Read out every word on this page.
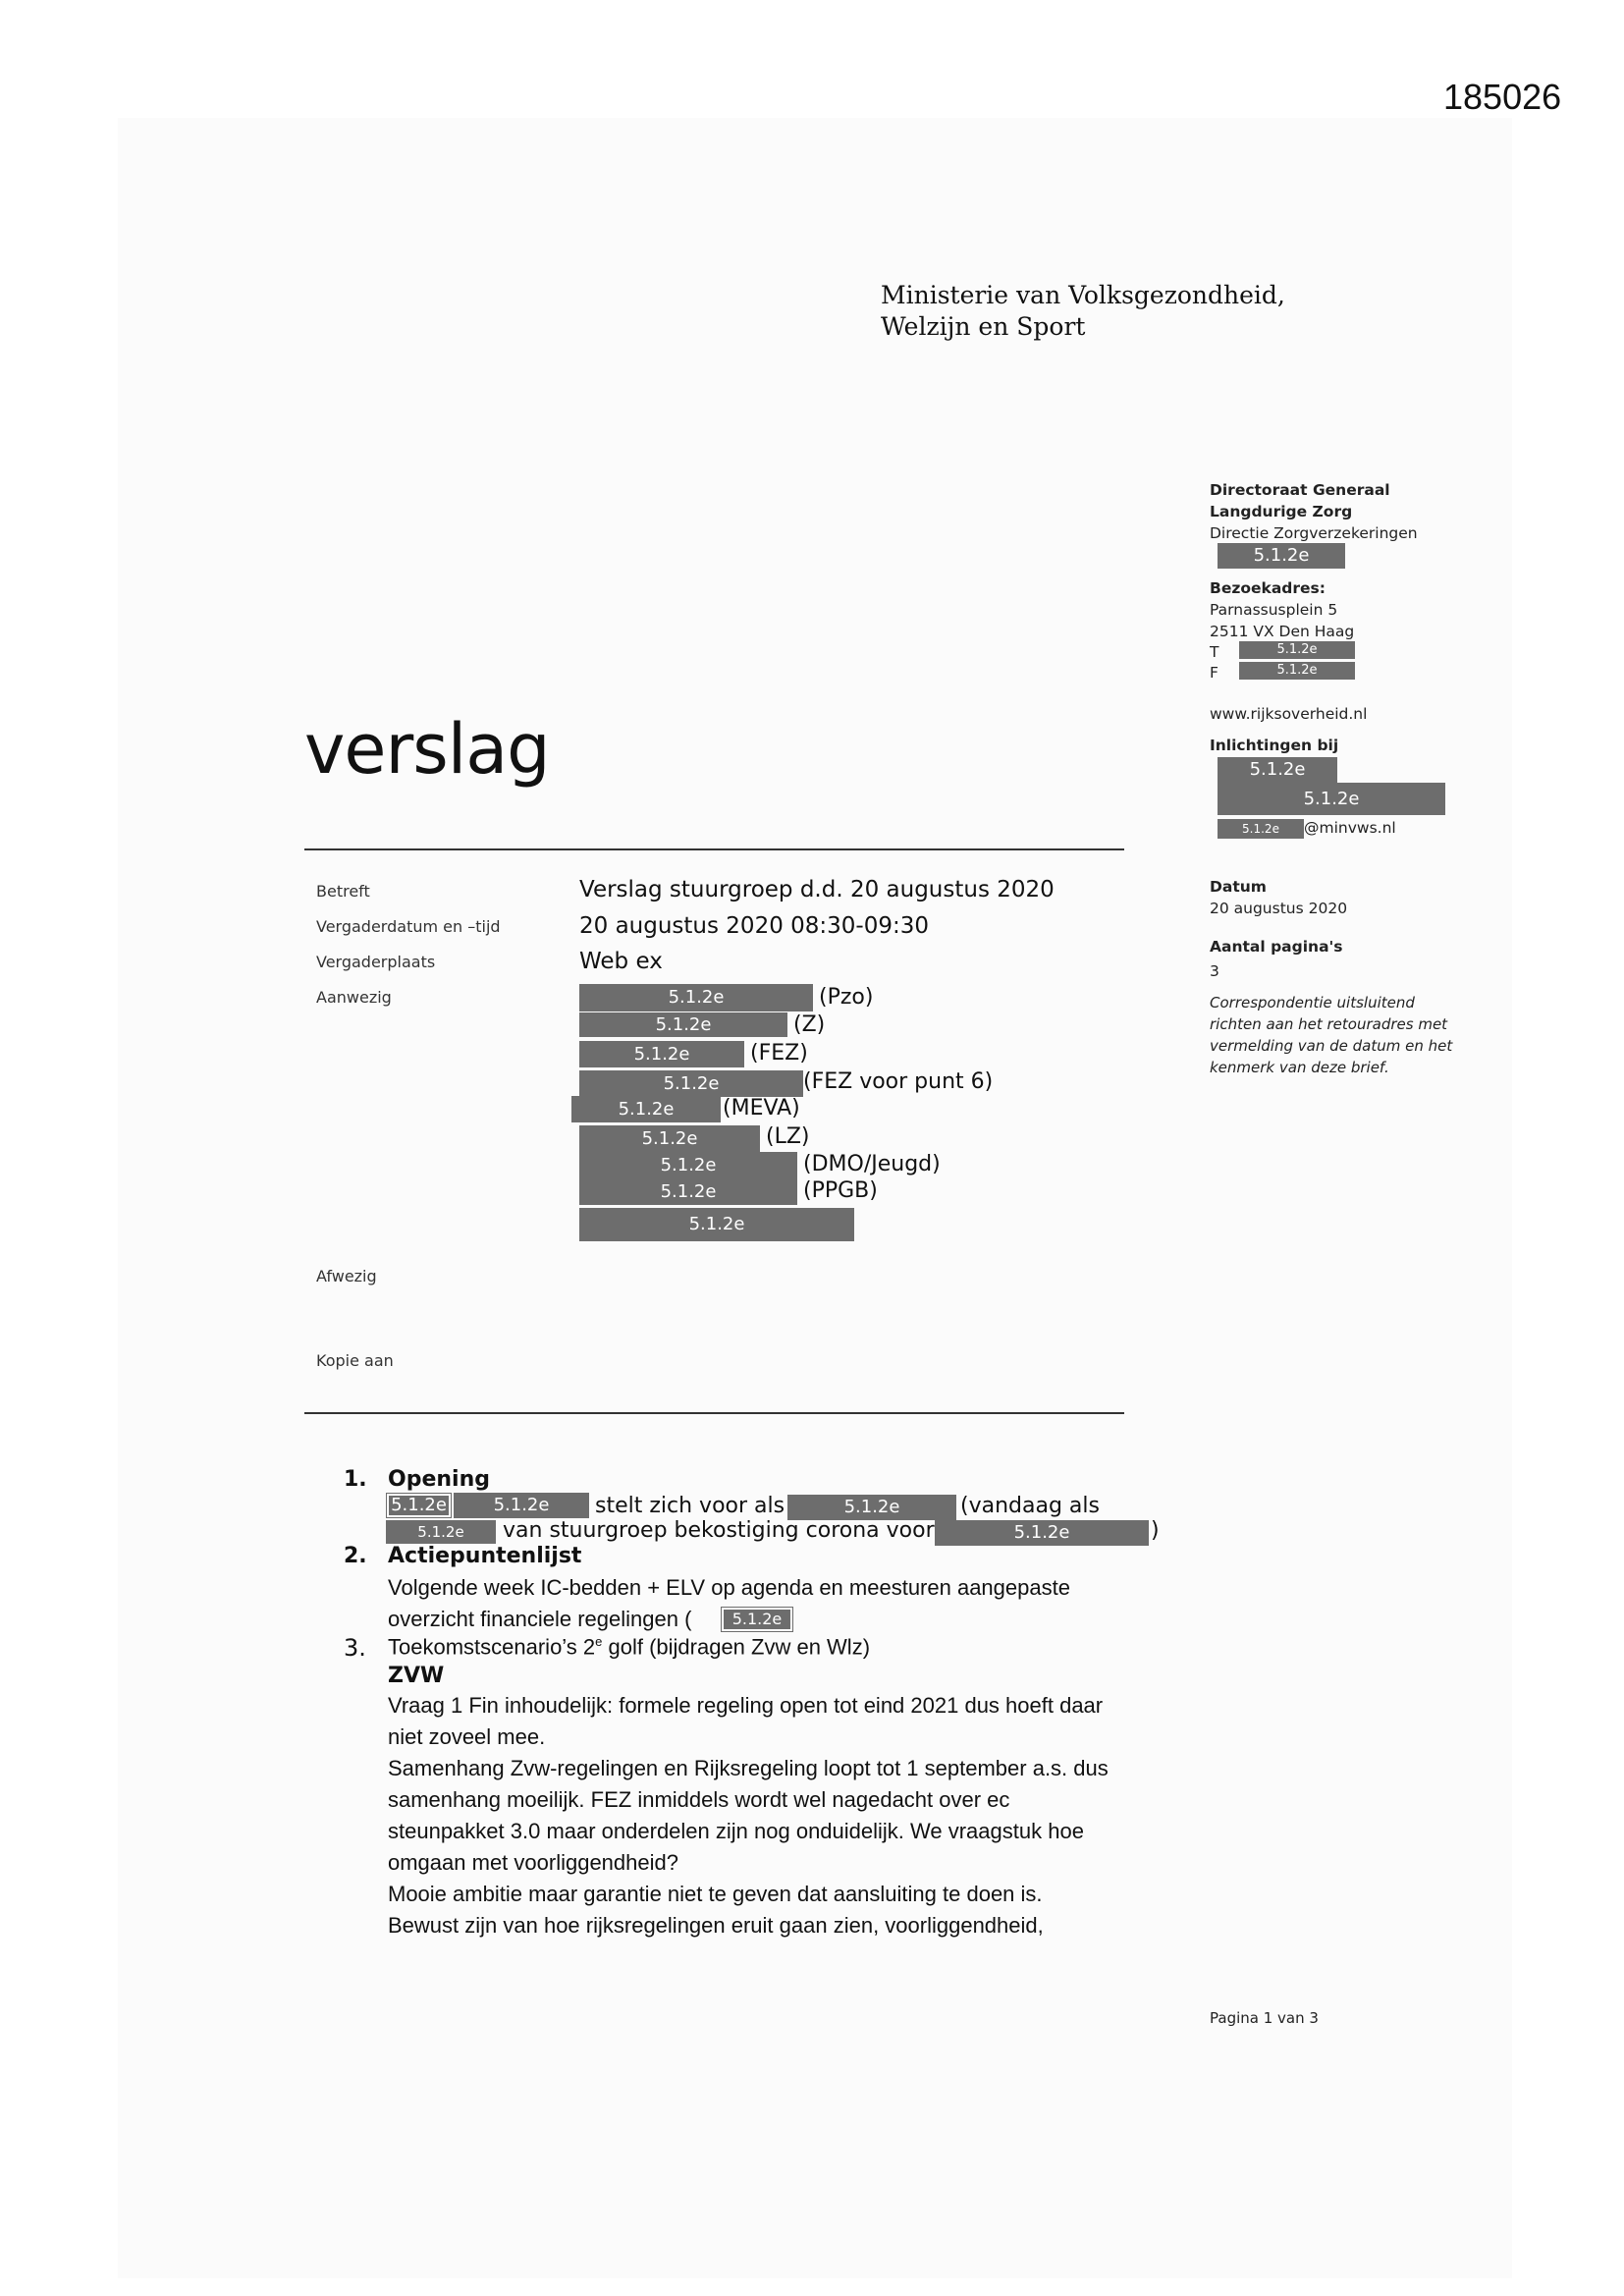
185026
Ministerie van Volksgezondheid,
Welzijn en Sport
Directoraat Generaal
Langdurige Zorg
Directie Zorgverzekeringen
5.1.2e
Bezoekadres:
Parnassusplein 5
2511 VX Den Haag
T	5.1.2e
F	5.1.2e
www.rijksoverheid.nl
Inlichtingen bij
5.1.2e
5.1.2e
5.1.2e	@minvws.nl
Datum
20 augustus 2020
Aantal pagina's
3
Correspondentie uitsluitend richten aan het retouradres met vermelding van de datum en het kenmerk van deze brief.
verslag
Betreft	Verslag stuurgroep d.d. 20 augustus 2020
Vergaderdatum en –tijd	20 augustus 2020 08:30-09:30
Vergaderplaats	Web ex
Aanwezig	5.1.2e	(Pzo)
5.1.2e	(Z)
5.1.2e	(FEZ)
5.1.2e	(FEZ voor punt 6)
5.1.2e	(MEVA)
5.1.2e	(LZ)
5.1.2e	(DMO/Jeugd)
5.1.2e	(PPGB)
5.1.2e
Afwezig
Kopie aan
1. Opening
5.1.2e	5.1.2e	stelt zich voor als	5.1.2e	(vandaag als
5.1.2e	van stuurgroep bekostiging corona voor	5.1.2e	)
2. Actiepuntenlijst
Volgende week IC-bedden + ELV op agenda en meesturen aangepaste
overzicht financiele regelingen (	5.1.2e
3. Toekomstscenario’s 2e golf (bijdragen Zvw en Wlz)
ZVW
Vraag 1 Fin inhoudelijk: formele regeling open tot eind 2021 dus hoeft daar
niet zoveel mee.
Samenhang Zvw-regelingen en Rijksregeling loopt tot 1 september a.s. dus
samenhang moeilijk. FEZ inmiddels wordt wel nagedacht over ec
steunpakket 3.0 maar onderdelen zijn nog onduidelijk. We vraagstuk hoe
omgaan met voorliggendheid?
Mooie ambitie maar garantie niet te geven dat aansluiting te doen is.
Bewust zijn van hoe rijksregelingen eruit gaan zien, voorliggendheid,
Pagina 1 van 3
